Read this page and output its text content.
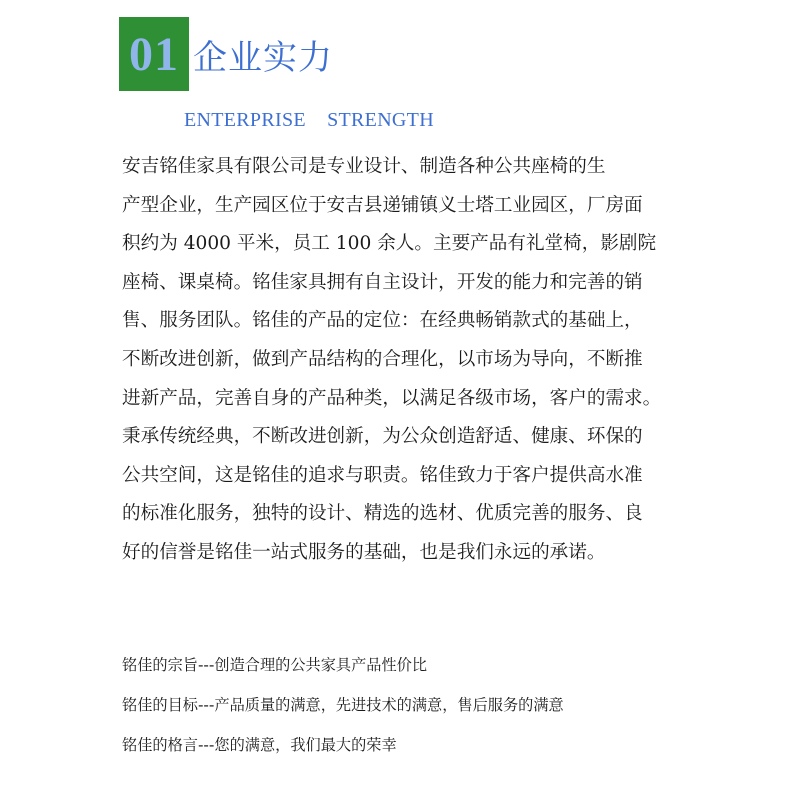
01 企业实力
ENTERPRISE    STRENGTH
安吉铭佳家具有限公司是专业设计、制造各种公共座椅的生
产型企业，生产园区位于安吉县递铺镇义士塔工业园区，厂房面
积约为 4000 平米，员工 100 余人。主要产品有礼堂椅，影剧院
座椅、课桌椅。铭佳家具拥有自主设计，开发的能力和完善的销
售、服务团队。铭佳的产品的定位：在经典畅销款式的基础上，
不断改进创新，做到产品结构的合理化，以市场为导向，不断推
进新产品，完善自身的产品种类，以满足各级市场，客户的需求。
秉承传统经典，不断改进创新，为公众创造舒适、健康、环保的
公共空间，这是铭佳的追求与职责。铭佳致力于客户提供高水准
的标准化服务，独特的设计、精选的选材、优质完善的服务、良
好的信誉是铭佳一站式服务的基础，也是我们永远的承诺。
铭佳的宗旨---创造合理的公共家具产品性价比
铭佳的目标---产品质量的满意，先进技术的满意，售后服务的满意
铭佳的格言---您的满意，我们最大的荣幸
